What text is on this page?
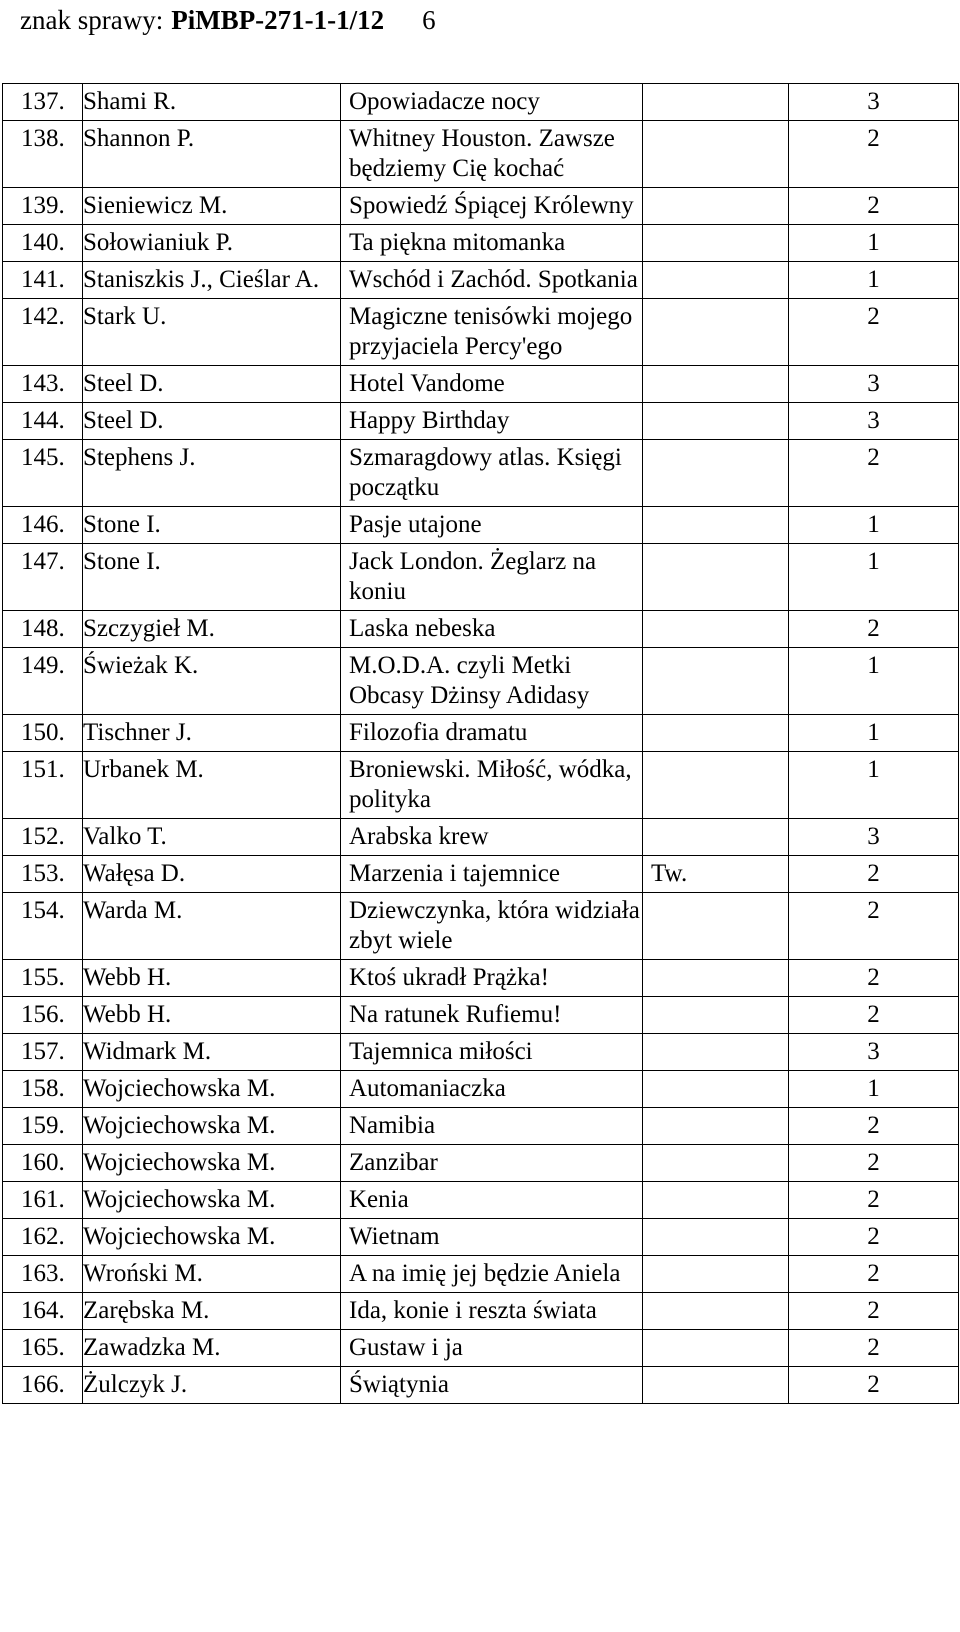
znak sprawy: PiMBP-271-1-1/12 6
137.	Shami R.	Opowiadacze nocy		3
138.	Shannon P.	Whitney Houston. Zawsze będziemy Cię kochać		2
139.	Sieniewicz M.	Spowiedź Śpiącej Królewny		2
140.	Sołowianiuk P.	Ta piękna mitomanka		1
141.	Staniszkis J., Cieślar A.	Wschód i Zachód. Spotkania		1
142.	Stark U.	Magiczne tenisówki mojego przyjaciela Percy'ego		2
143.	Steel D.	Hotel Vandome		3
144.	Steel D.	Happy Birthday		3
145.	Stephens J.	Szmaragdowy atlas. Księgi początku		2
146.	Stone I.	Pasje utajone		1
147.	Stone I.	Jack London. Żeglarz na koniu		1
148.	Szczygieł M.	Laska nebeska		2
149.	Świeżak K.	M.O.D.A. czyli Metki Obcasy Dżinsy Adidasy		1
150.	Tischner J.	Filozofia dramatu		1
151.	Urbanek M.	Broniewski. Miłość, wódka, polityka		1
152.	Valko T.	Arabska krew		3
153.	Wałęsa D.	Marzenia i tajemnice	Tw.	2
154.	Warda M.	Dziewczynka, która widziała zbyt wiele		2
155.	Webb H.	Ktoś ukradł Prążka!		2
156.	Webb H.	Na ratunek Rufiemu!		2
157.	Widmark M.	Tajemnica miłości		3
158.	Wojciechowska M.	Automaniaczka		1
159.	Wojciechowska M.	Namibia		2
160.	Wojciechowska M.	Zanzibar		2
161.	Wojciechowska M.	Kenia		2
162.	Wojciechowska M.	Wietnam		2
163.	Wroński M.	A na imię jej będzie Aniela		2
164.	Zarębska M.	Ida, konie i reszta świata		2
165.	Zawadzka M.	Gustaw i ja		2
166.	Żulczyk J.	Świątynia		2
